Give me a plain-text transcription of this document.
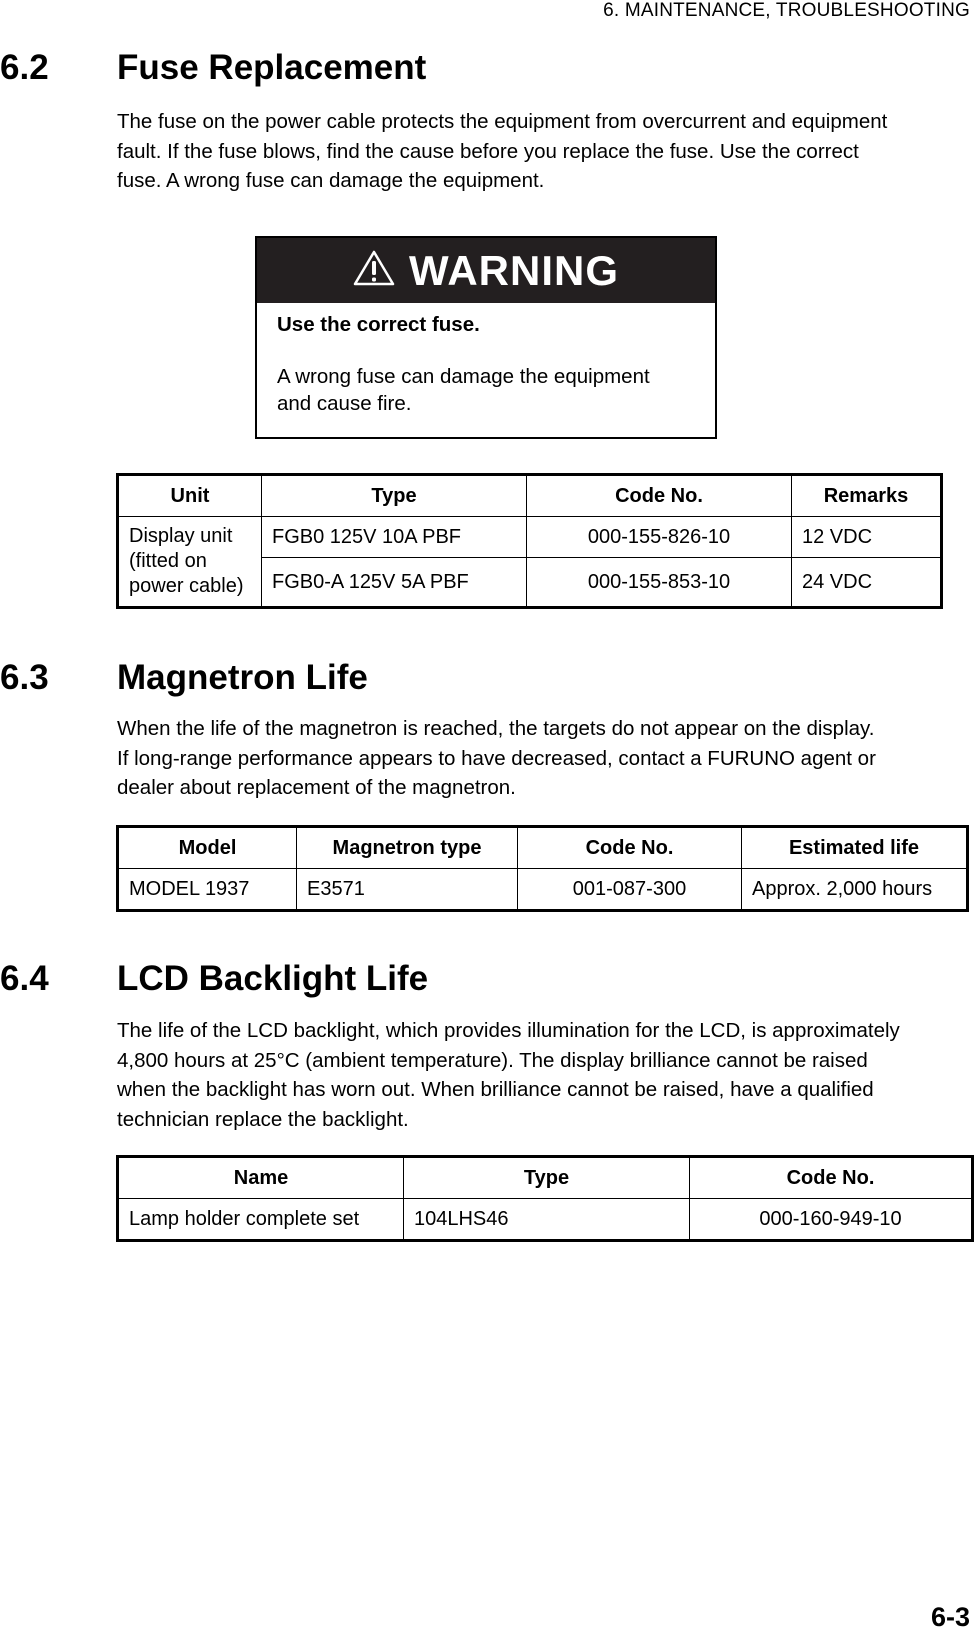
6. MAINTENANCE, TROUBLESHOOTING
6.2 Fuse Replacement

The fuse on the power cable protects the equipment from overcurrent and equipment
fault. If the fuse blows, find the cause before you replace the fuse. Use the correct
fuse. A wrong fuse can damage the equipment.

WARNING
Use the correct fuse.
A wrong fuse can damage the equipment
and cause fire.
Unit	Type	Code No.	Remarks
Display unit
(fitted on
power cable)	FGB0 125V 10A PBF	000-155-826-10	12 VDC
	FGB0-A 125V 5A PBF	000-155-853-10	24 VDC
6.3 Magnetron Life

When the life of the magnetron is reached, the targets do not appear on the display.
If long-range performance appears to have decreased, contact a FURUNO agent or
dealer about replacement of the magnetron.

Model	Magnetron type	Code No.	Estimated life
MODEL 1937	E3571	001-087-300	Approx. 2,000 hours
6.4 LCD Backlight Life

The life of the LCD backlight, which provides illumination for the LCD, is approximately
4,800 hours at 25°C (ambient temperature). The display brilliance cannot be raised
when the backlight has worn out. When brilliance cannot be raised, have a qualified
technician replace the backlight.

Name	Type	Code No.
Lamp holder complete set	104LHS46	000-160-949-10
6-3
